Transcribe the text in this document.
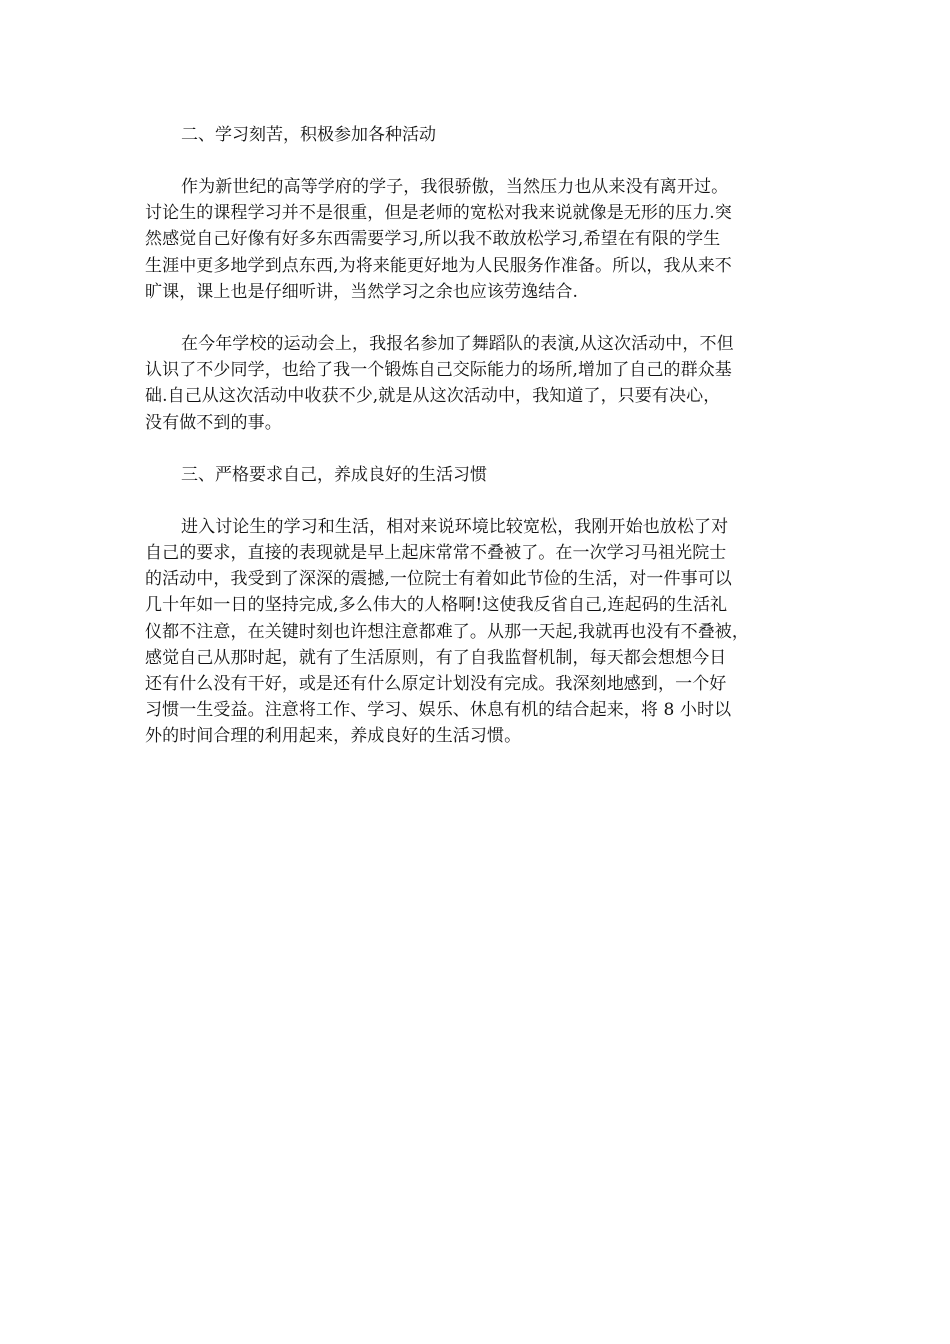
二、学习刻苦，积极参加各种活动

作为新世纪的高等学府的学子，我很骄傲，当然压力也从来没有离开过。
讨论生的课程学习并不是很重，但是老师的宽松对我来说就像是无形的压力.突
然感觉自己好像有好多东西需要学习,所以我不敢放松学习,希望在有限的学生
生涯中更多地学到点东西,为将来能更好地为人民服务作准备。所以，我从来不
旷课，课上也是仔细听讲，当然学习之余也应该劳逸结合.
在今年学校的运动会上，我报名参加了舞蹈队的表演,从这次活动中，不但
认识了不少同学，也给了我一个锻炼自己交际能力的场所,增加了自己的群众基
础.自己从这次活动中收获不少,就是从这次活动中，我知道了，只要有决心，
没有做不到的事。

三、严格要求自己，养成良好的生活习惯

进入讨论生的学习和生活，相对来说环境比较宽松，我刚开始也放松了对
自己的要求，直接的表现就是早上起床常常不叠被了。在一次学习马祖光院士
的活动中，我受到了深深的震撼,一位院士有着如此节俭的生活，对一件事可以
几十年如一日的坚持完成,多么伟大的人格啊!这使我反省自己,连起码的生活礼
仪都不注意，在关键时刻也许想注意都难了。从那一天起,我就再也没有不叠被，
感觉自己从那时起，就有了生活原则，有了自我监督机制，每天都会想想今日
还有什么没有干好，或是还有什么原定计划没有完成。我深刻地感到，一个好
习惯一生受益。注意将工作、学习、娱乐、休息有机的结合起来，将 8 小时以
外的时间合理的利用起来，养成良好的生活习惯。
